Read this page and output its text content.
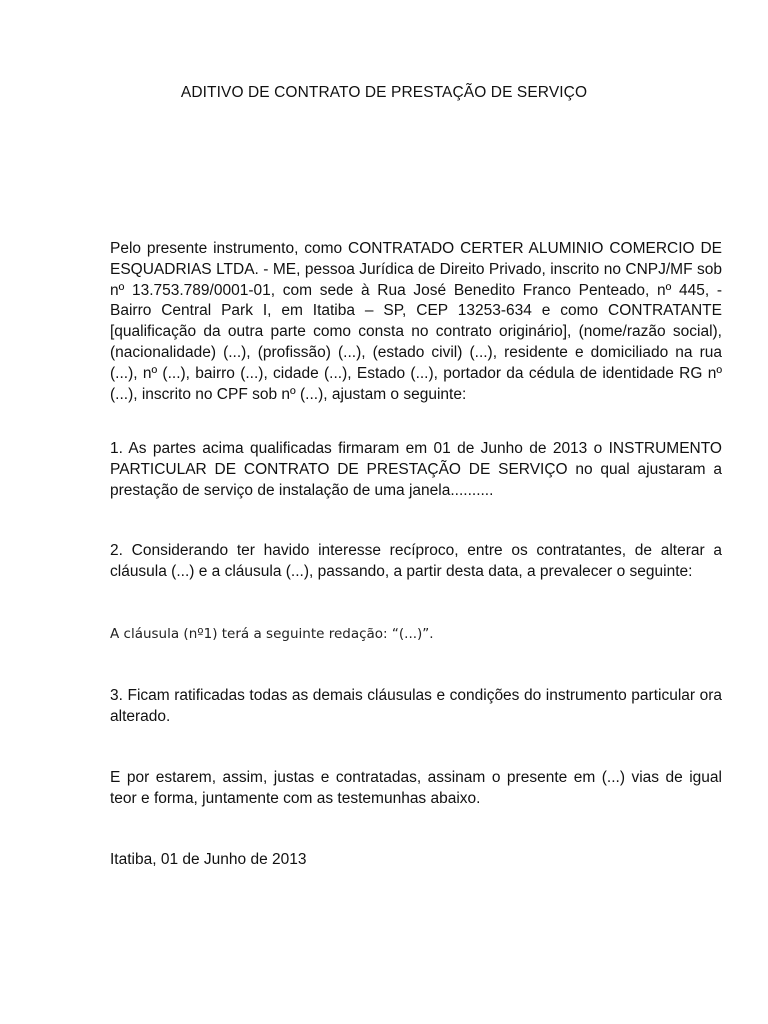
ADITIVO DE CONTRATO DE PRESTAÇÃO DE SERVIÇO

Pelo presente instrumento, como CONTRATADO CERTER ALUMINIO COMERCIO DE ESQUADRIAS LTDA. - ME, pessoa Jurídica de Direito Privado, inscrito no CNPJ/MF sob nº 13.753.789/0001-01, com sede à Rua José Benedito Franco Penteado, nº 445, - Bairro Central Park I, em Itatiba – SP, CEP 13253-634 e como CONTRATANTE [qualificação da outra parte como consta no contrato originário], (nome/razão social), (nacionalidade) (...), (profissão) (...), (estado civil) (...), residente e domiciliado na rua (...), nº (...), bairro (...), cidade (...), Estado (...), portador da cédula de identidade RG nº (...), inscrito no CPF sob nº (...), ajustam o seguinte:

1. As partes acima qualificadas firmaram em 01 de Junho de 2013 o INSTRUMENTO PARTICULAR DE CONTRATO DE PRESTAÇÃO DE SERVIÇO no qual ajustaram a prestação de serviço de instalação de uma janela..........

2. Considerando ter havido interesse recíproco, entre os contratantes, de alterar a cláusula (...) e a cláusula (...), passando, a partir desta data, a prevalecer o seguinte:

A cláusula (nº1) terá a seguinte redação: “(...)”.

3. Ficam ratificadas todas as demais cláusulas e condições do instrumento particular ora alterado.

E por estarem, assim, justas e contratadas, assinam o presente em (...) vias de igual teor e forma, juntamente com as testemunhas abaixo.

Itatiba, 01 de Junho de 2013
